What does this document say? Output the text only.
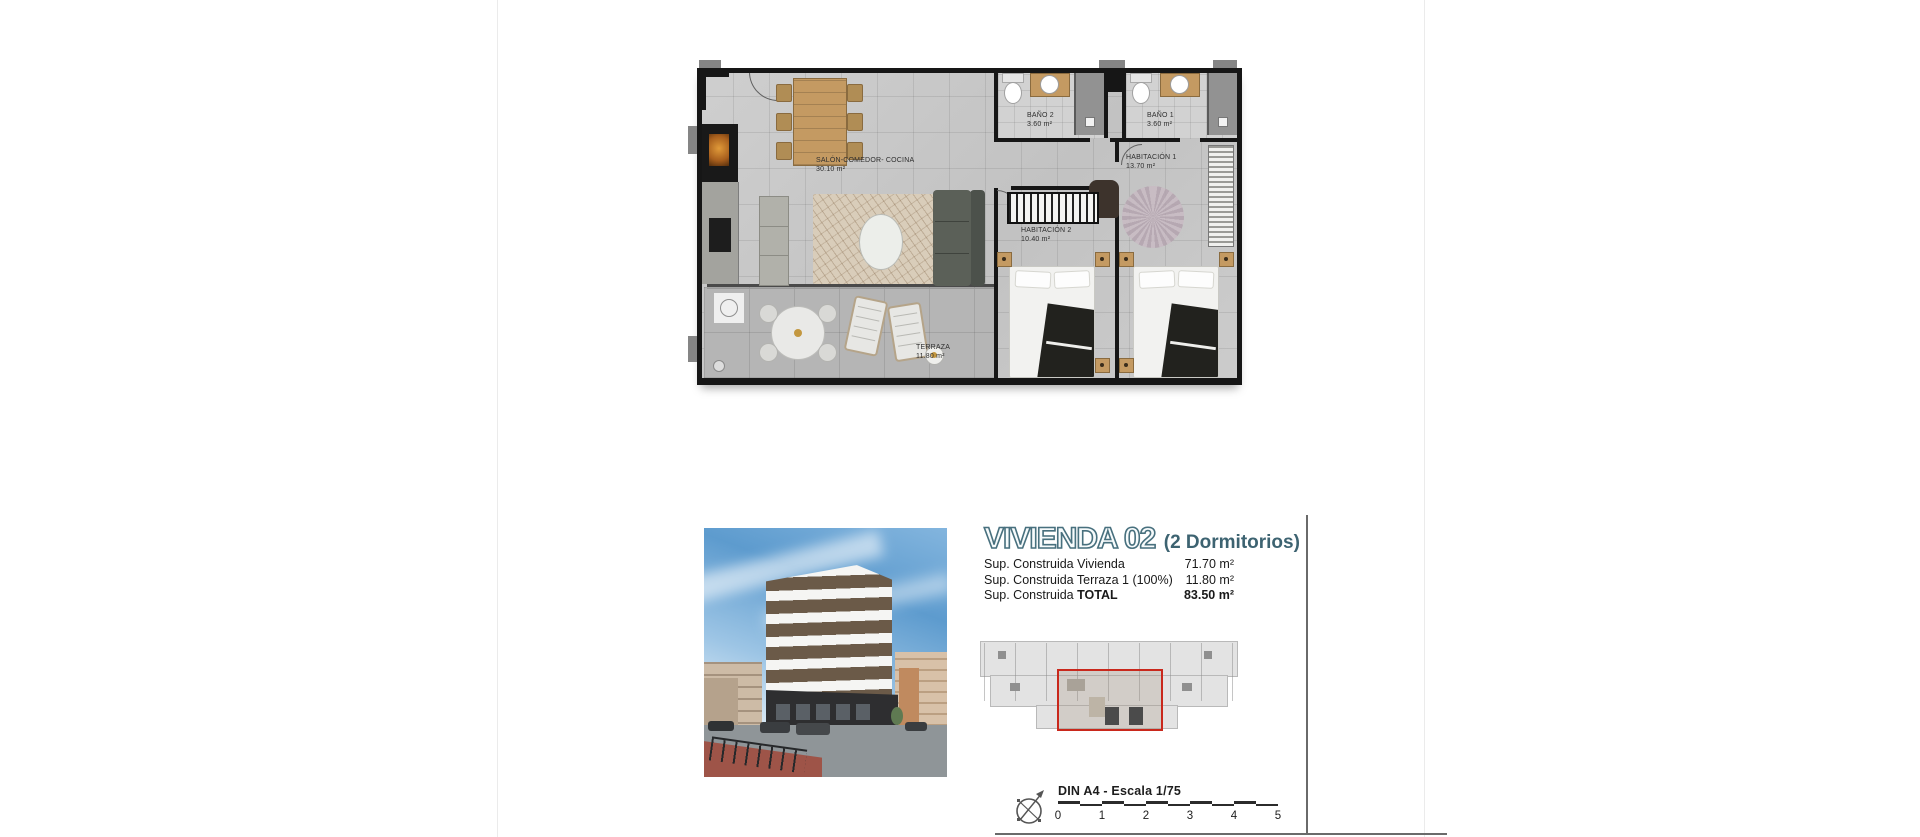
SALÓN-COMEDOR- COCINA
30.10 m²
BAÑO 2
3.60 m²
BAÑO 1
3.60 m²
HABITACIÓN 1
13.70 m²
HABITACIÓN 2
10.40 m²
TERRAZA
11.80 m²
VIVIENDA 02 (2 Dormitorios)
Sup. Construida Vivienda	71.70 m²
Sup. Construida Terraza 1 (100%) 11.80 m²
Sup. Construida TOTAL	83.50 m²
DIN A4 - Escala 1/75
0	1	2	3	4	5
